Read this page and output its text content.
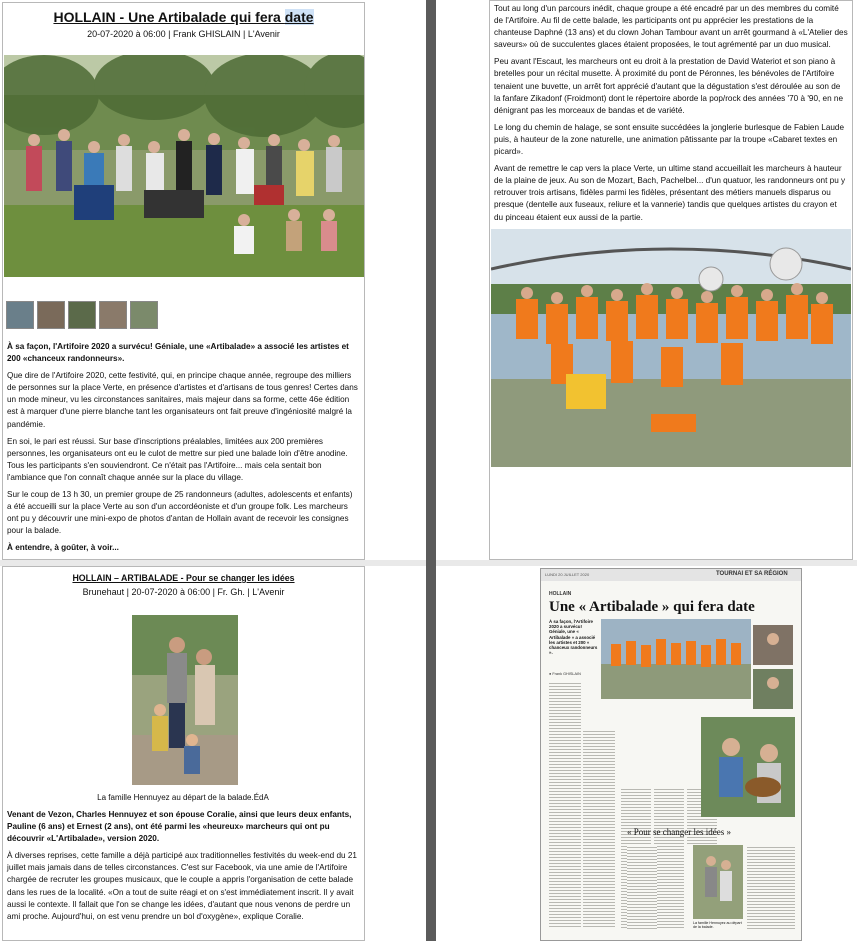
HOLLAIN - Une Artibalade qui fera date
20-07-2020 à 06:00 | Frank GHISLAIN | L'Avenir

À sa façon, l'Artifoire 2020 a survécu! Géniale, une «Artibalade» a associé les artistes et 200 «chanceux randonneurs».

Que dire de l'Artifoire 2020, cette festivité, qui, en principe chaque année, regroupe des milliers de personnes sur la place Verte, en présence d'artistes et d'artisans de tous genres! Certes dans un mode mineur, vu les circonstances sanitaires, mais majeur dans sa forme, cette 46e édition est à marquer d'une pierre blanche tant les organisateurs ont fait preuve d'ingéniosité malgré la pandémie.

En soi, le pari est réussi. Sur base d'inscriptions préalables, limitées aux 200 premières personnes, les organisateurs ont eu le culot de mettre sur pied une balade loin d'être anodine. Tous les participants s'en souviendront. Ce n'était pas l'Artifoire... mais cela sentait bon l'ambiance que l'on connaît chaque année sur la place du village.

Sur le coup de 13 h 30, un premier groupe de 25 randonneurs (adultes, adolescents et enfants) a été accueilli sur la place Verte au son d'un accordéoniste et d'un groupe folk. Les marcheurs ont pu y découvrir une mini-expo de photos d'antan de Hollain avant de recevoir les consignes pour la balade.

À entendre, à goûter, à voir...

Tout au long d'un parcours inédit, chaque groupe a été encadré par un des membres du comité de l'Artifoire. Au fil de cette balade, les participants ont pu apprécier les prestations de la chanteuse Daphné (13 ans) et du clown Johan Tambour avant un arrêt gourmand à «L'Atelier des saveurs» où de succulentes glaces étaient proposées, le tout agrémenté par un duo musical.

Peu avant l'Escaut, les marcheurs ont eu droit à la prestation de David Wateriot et son piano à bretelles pour un récital musette. À proximité du pont de Péronnes, les bénévoles de l'Artifoire tenaient une buvette, un arrêt fort apprécié d'autant que la dégustation s'est déroulée au son de la fanfare Zikadonf (Froidmont) dont le répertoire aborde la pop/rock des années '70 à '90, en ne dénigrant pas les morceaux de bandas et de variété.

Le long du chemin de halage, se sont ensuite succédées la jonglerie burlesque de Fabien Laude puis, à hauteur de la zone naturelle, une animation pâtissante par la troupe «Cabaret textes en picard».

Avant de remettre le cap vers la place Verte, un ultime stand accueillait les marcheurs à hauteur de la plaine de jeux. Au son de Mozart, Bach, Pachelbel... d'un quatuor, les randonneurs ont pu y retrouver trois artisans, fidèles parmi les fidèles, présentant des métiers manuels disparus ou presque (dentelle aux fuseaux, reliure et la vannerie) tandis que quelques artistes du crayon et du pinceau étaient eux aussi de la partie.

HOLLAIN – ARTIBALADE - Pour se changer les idées
Brunehaut | 20-07-2020 à 06:00 | Fr. Gh. | L'Avenir
La famille Hennuyez au départ de la balade.ÉdA

Venant de Vezon, Charles Hennuyez et son épouse Coralie, ainsi que leurs deux enfants, Pauline (6 ans) et Ernest (2 ans), ont été parmi les «heureux» marcheurs qui ont pu découvrir «L'Artibalade», version 2020.

À diverses reprises, cette famille a déjà participé aux traditionnelles festivités du week-end du 21 juillet mais jamais dans de telles circonstances. C'est sur Facebook, via une amie de l'Artifoire chargée de recruter les groupes musicaux, que le couple a appris l'organisation de cette balade dans les rues de la localité. «On a tout de suite réagi et on s'est immédiatement inscrit. Il y avait aussi le contexte. Il fallait que l'on se change les idées, d'autant que nous venons de perdre un ami proche. Aujourd'hui, on est venu prendre un bol d'oxygène», explique Coralie.

LUNDI 20 JUILLET 2020	TOURNAI ET SA RÉGION
HOLLAIN
Une « Artibalade » qui fera date
À sa façon, l'Artifoire 2020 a survécu! Géniale, une « Artibalade » a associé les artistes et 200 « chanceux randonneurs ».
● Frank GHISLAIN
« Pour se changer les idées »
La famille Hennuyez au départ de la balade.
